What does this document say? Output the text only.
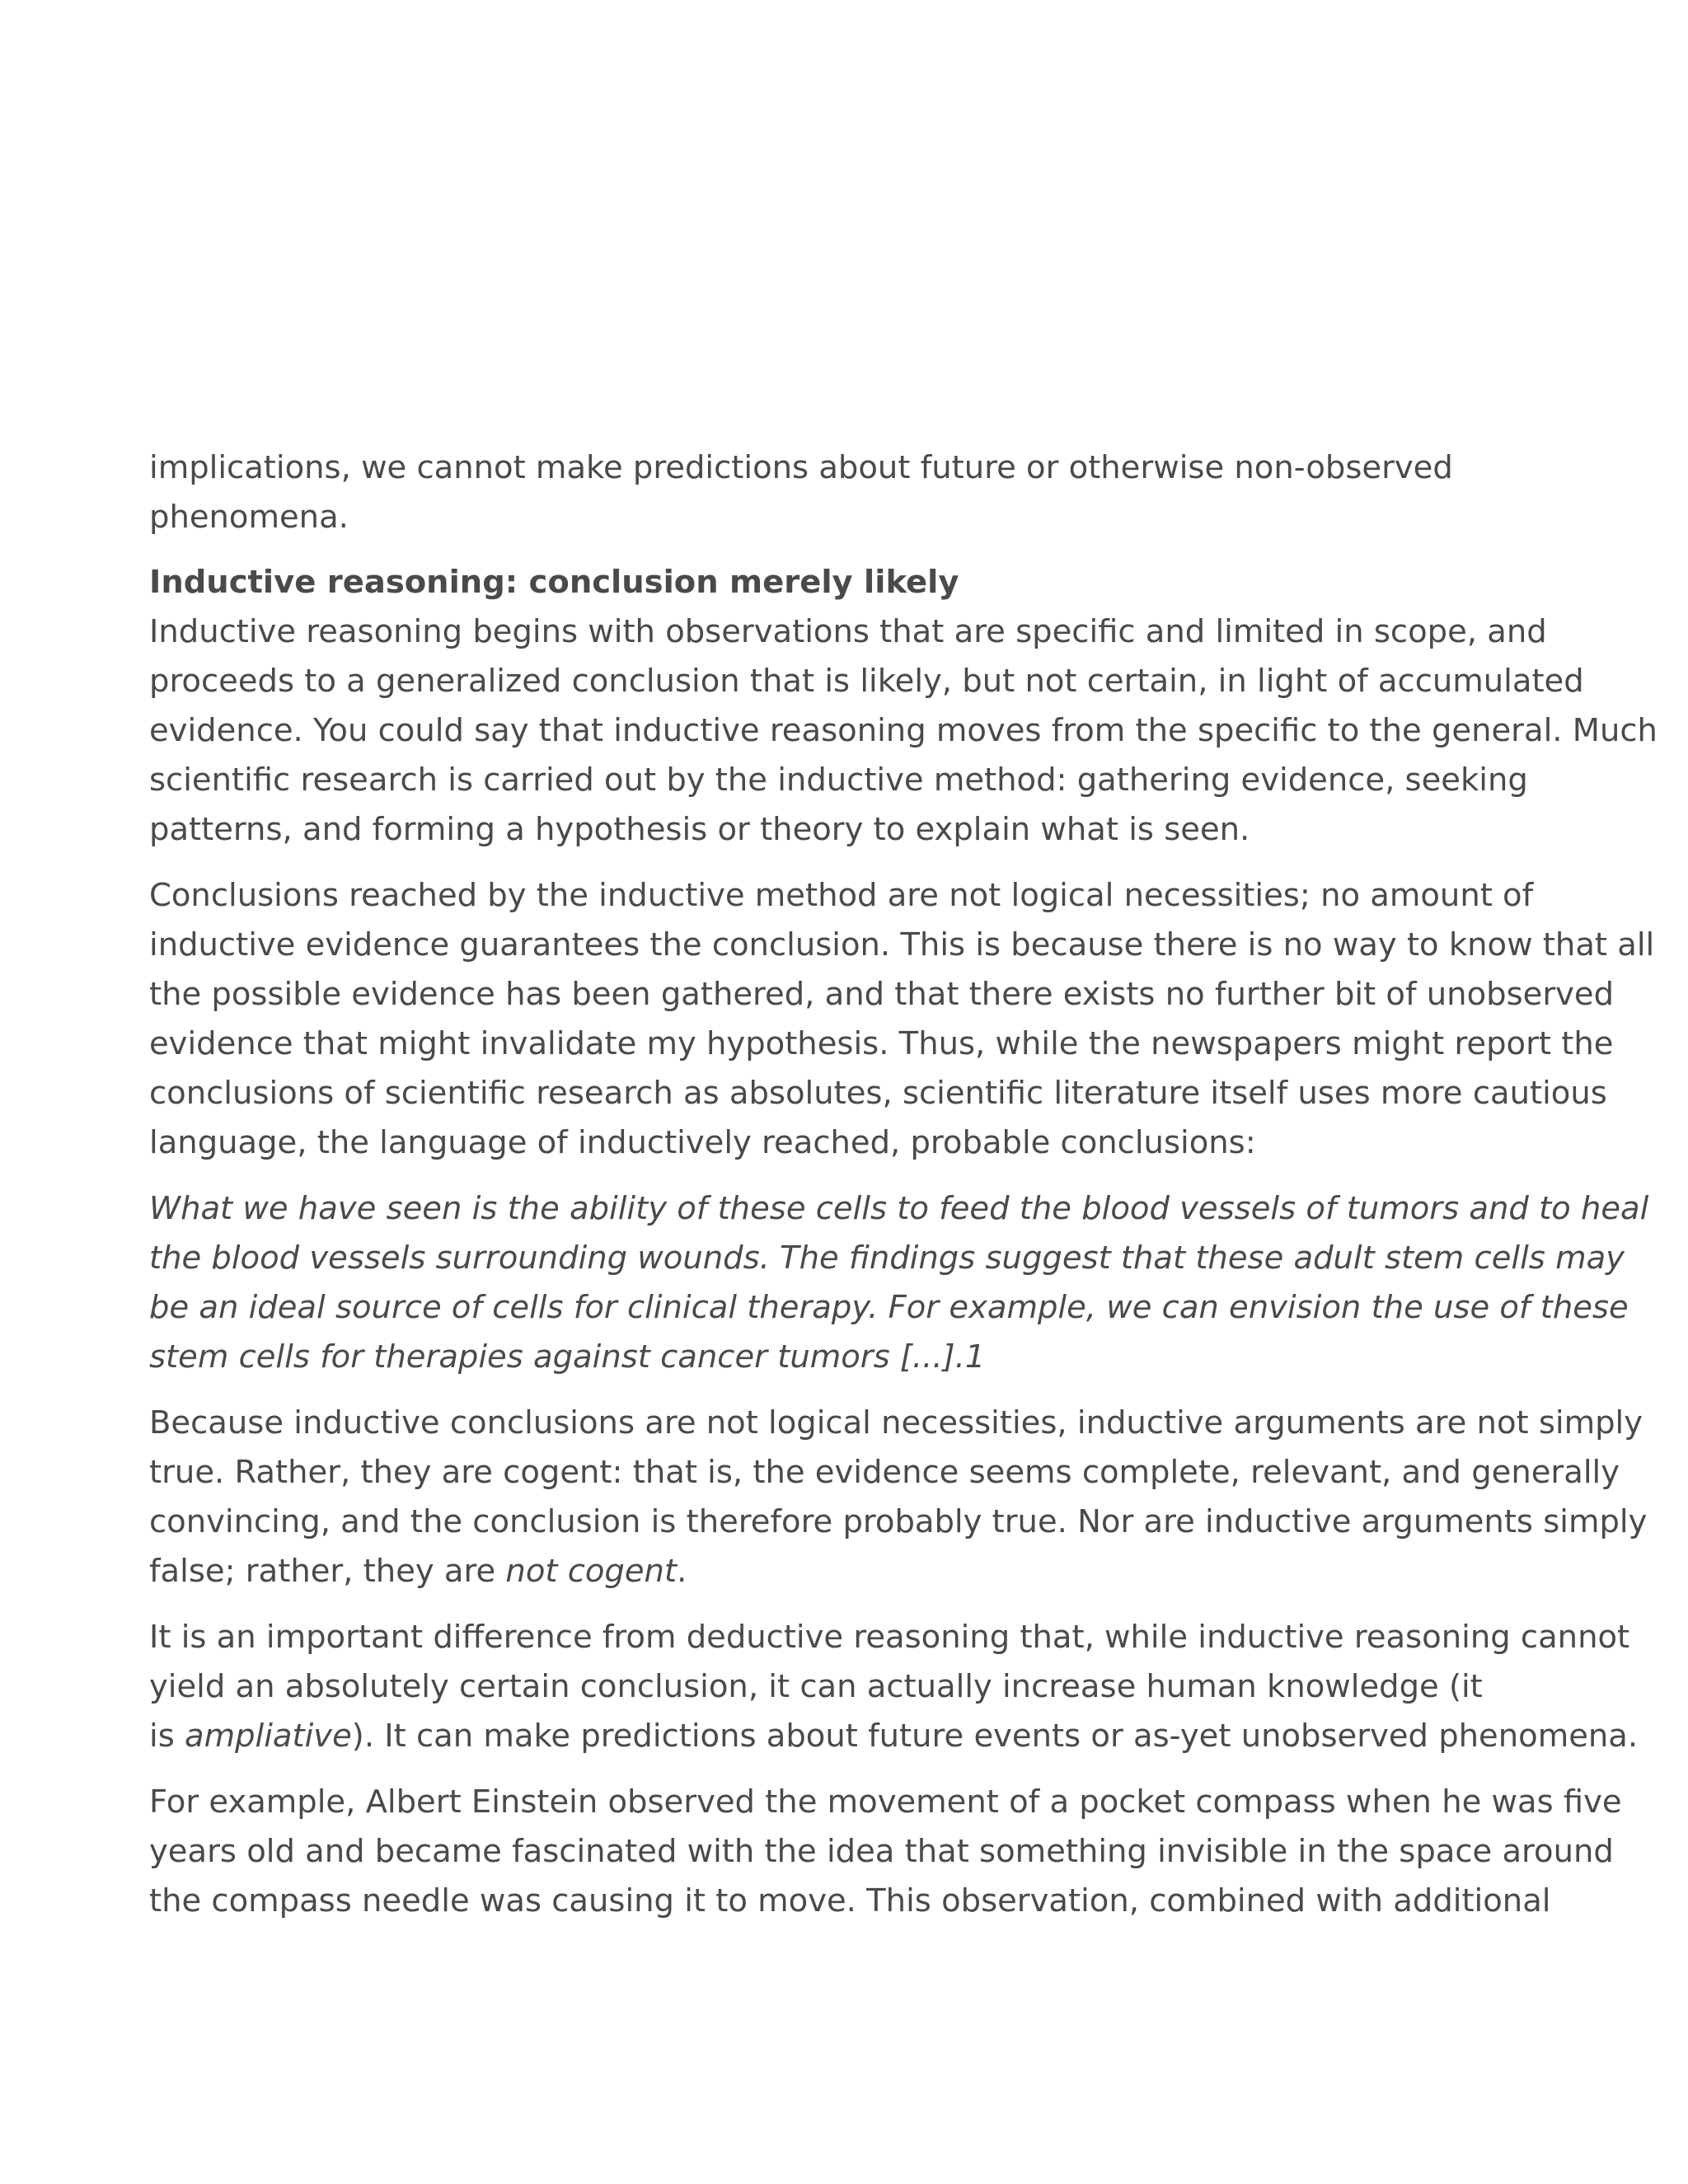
implications, we cannot make predictions about future or otherwise non-observed
phenomena.

Inductive reasoning: conclusion merely likely

Inductive reasoning begins with observations that are specific and limited in scope, and
proceeds to a generalized conclusion that is likely, but not certain, in light of accumulated
evidence. You could say that inductive reasoning moves from the specific to the general. Much
scientific research is carried out by the inductive method: gathering evidence, seeking
patterns, and forming a hypothesis or theory to explain what is seen.

Conclusions reached by the inductive method are not logical necessities; no amount of
inductive evidence guarantees the conclusion. This is because there is no way to know that all
the possible evidence has been gathered, and that there exists no further bit of unobserved
evidence that might invalidate my hypothesis. Thus, while the newspapers might report the
conclusions of scientific research as absolutes, scientific literature itself uses more cautious
language, the language of inductively reached, probable conclusions:

What we have seen is the ability of these cells to feed the blood vessels of tumors and to heal
the blood vessels surrounding wounds. The findings suggest that these adult stem cells may
be an ideal source of cells for clinical therapy. For example, we can envision the use of these
stem cells for therapies against cancer tumors [...].1

Because inductive conclusions are not logical necessities, inductive arguments are not simply
true. Rather, they are cogent: that is, the evidence seems complete, relevant, and generally
convincing, and the conclusion is therefore probably true. Nor are inductive arguments simply
false; rather, they are not cogent.

It is an important difference from deductive reasoning that, while inductive reasoning cannot
yield an absolutely certain conclusion, it can actually increase human knowledge (it
is ampliative). It can make predictions about future events or as-yet unobserved phenomena.

For example, Albert Einstein observed the movement of a pocket compass when he was five
years old and became fascinated with the idea that something invisible in the space around
the compass needle was causing it to move. This observation, combined with additional
